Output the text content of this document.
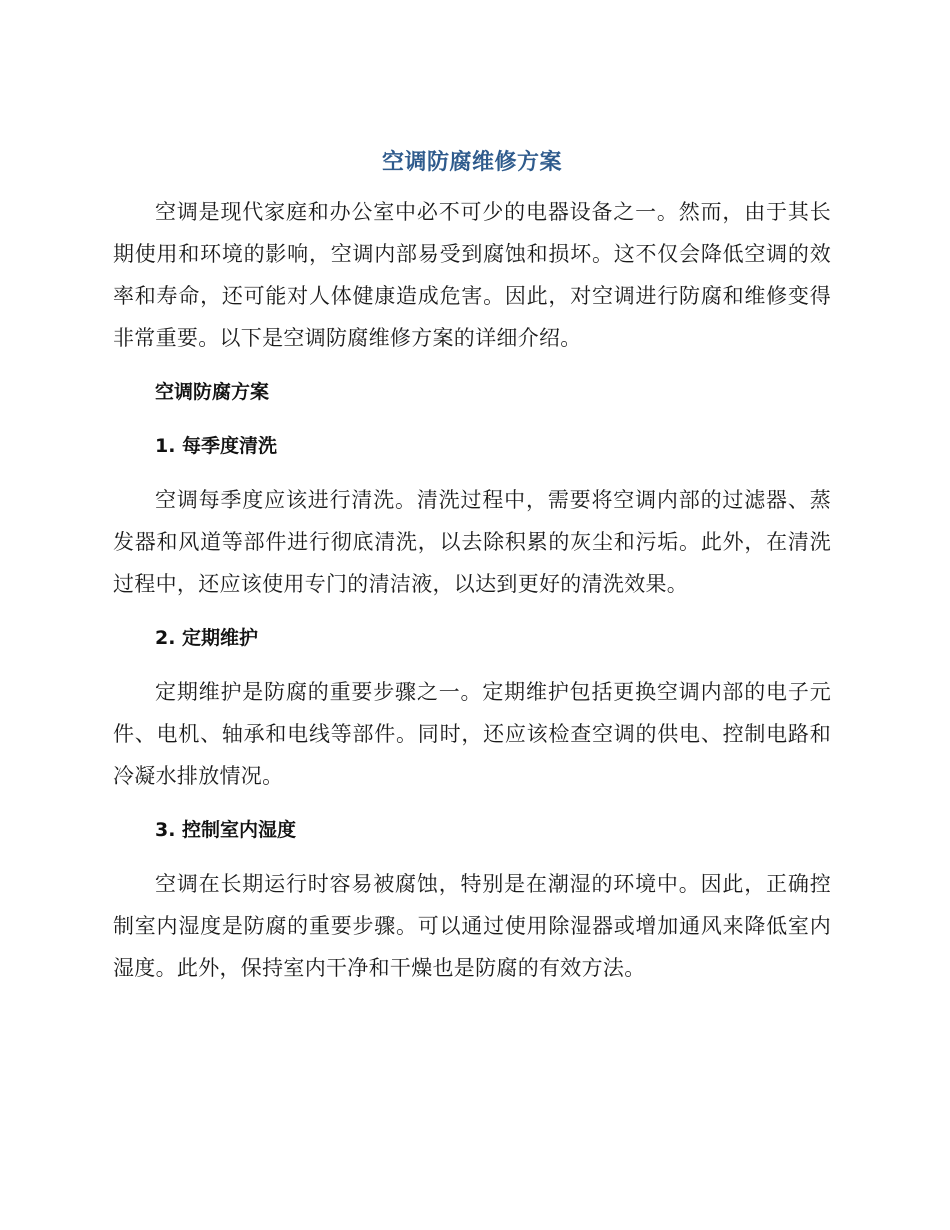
空调防腐维修方案

空调是现代家庭和办公室中必不可少的电器设备之一。然而，由于其长期使用和环境的影响，空调内部易受到腐蚀和损坏。这不仅会降低空调的效率和寿命，还可能对人体健康造成危害。因此，对空调进行防腐和维修变得非常重要。以下是空调防腐维修方案的详细介绍。

空调防腐方案
1. 每季度清洗

空调每季度应该进行清洗。清洗过程中，需要将空调内部的过滤器、蒸发器和风道等部件进行彻底清洗，以去除积累的灰尘和污垢。此外，在清洗过程中，还应该使用专门的清洁液，以达到更好的清洗效果。

2. 定期维护

定期维护是防腐的重要步骤之一。定期维护包括更换空调内部的电子元件、电机、轴承和电线等部件。同时，还应该检查空调的供电、控制电路和冷凝水排放情况。

3. 控制室内湿度

空调在长期运行时容易被腐蚀，特别是在潮湿的环境中。因此，正确控制室内湿度是防腐的重要步骤。可以通过使用除湿器或增加通风来降低室内湿度。此外，保持室内干净和干燥也是防腐的有效方法。
